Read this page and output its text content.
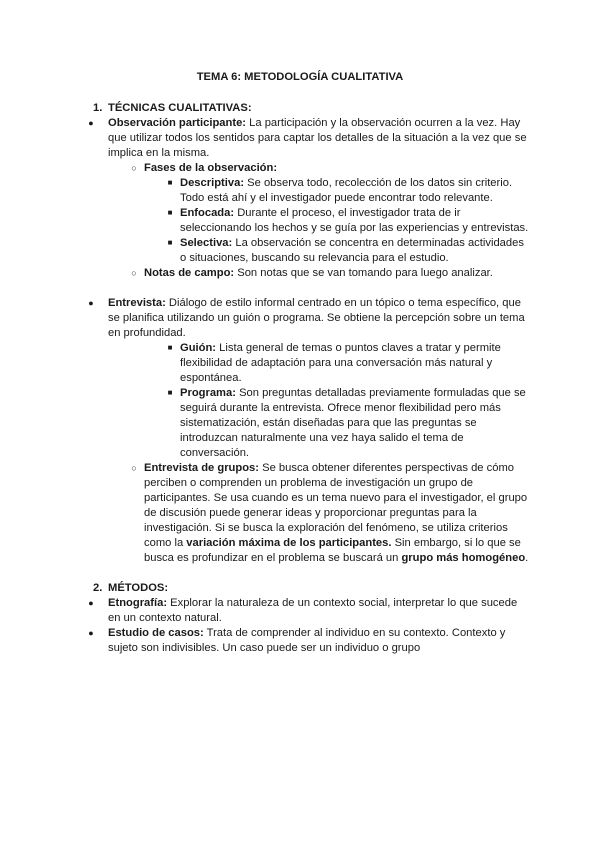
TEMA 6: METODOLOGÍA CUALITATIVA
1. TÉCNICAS CUALITATIVAS:
●	Observación participante: La participación y la observación ocurren a la vez. Hay
que utilizar todos los sentidos para captar los detalles de la situación a la vez que se
implica en la misma.
○ Fases de la observación:
■ Descriptiva: Se observa todo, recolección de los datos sin criterio.
Todo está ahí y el investigador puede encontrar todo relevante.
■ Enfocada: Durante el proceso, el investigador trata de ir
seleccionando los hechos y se guía por las experiencias y entrevistas.
■ Selectiva: La observación se concentra en determinadas actividades
o situaciones, buscando su relevancia para el estudio.
○ Notas de campo: Son notas que se van tomando para luego analizar.
●	Entrevista: Diálogo de estilo informal centrado en un tópico o tema específico, que
se planifica utilizando un guión o programa. Se obtiene la percepción sobre un tema
en profundidad.
■ Guión: Lista general de temas o puntos claves a tratar y permite
flexibilidad de adaptación para una conversación más natural y
espontánea.
■ Programa: Son preguntas detalladas previamente formuladas que se
seguirá durante la entrevista. Ofrece menor flexibilidad pero más
sistematización, están diseñadas para que las preguntas se
introduzcan naturalmente una vez haya salido el tema de
conversación.
○ Entrevista de grupos: Se busca obtener diferentes perspectivas de cómo
perciben o comprenden un problema de investigación un grupo de
participantes. Se usa cuando es un tema nuevo para el investigador, el grupo
de discusión puede generar ideas y proporcionar preguntas para la
investigación. Si se busca la exploración del fenómeno, se utiliza criterios
como la variación máxima de los participantes. Sin embargo, si lo que se
busca es profundizar en el problema se buscará un grupo más homogéneo.
2. MÉTODOS:
●	Etnografía: Explorar la naturaleza de un contexto social, interpretar lo que sucede
en un contexto natural.
●	Estudio de casos: Trata de comprender al individuo en su contexto. Contexto y
sujeto son indivisibles. Un caso puede ser un individuo o grupo
